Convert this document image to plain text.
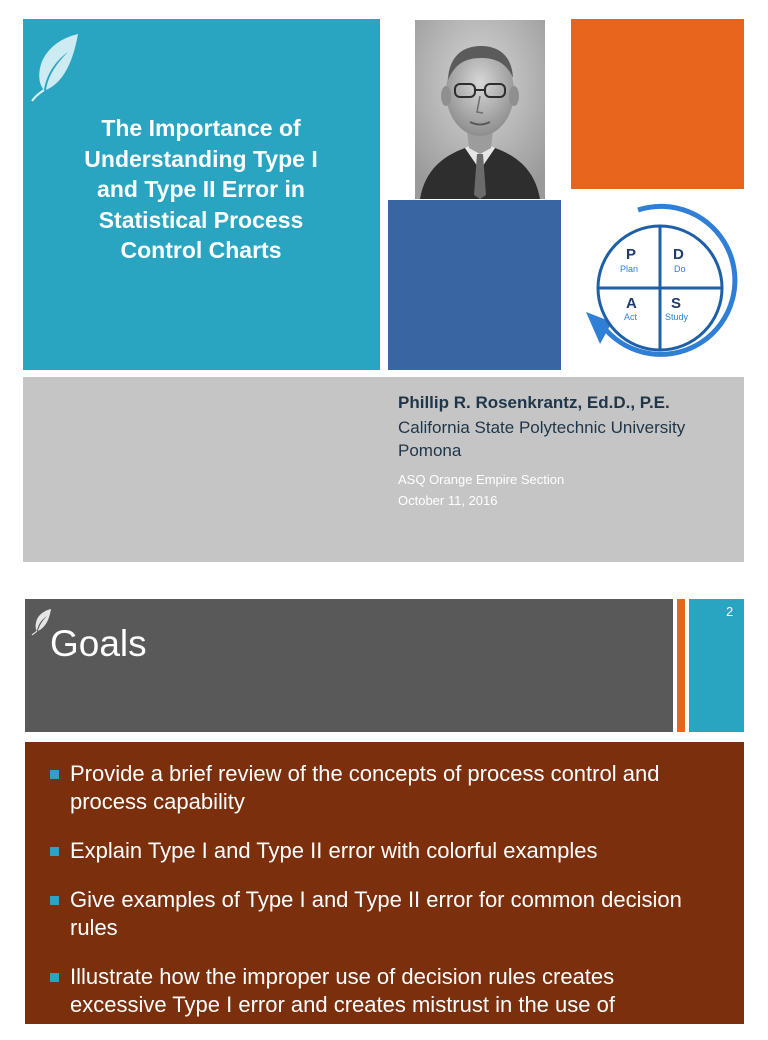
The Importance of
Understanding Type I
and Type II Error in
Statistical Process
Control Charts	P
Plan
D
Do
A
Act
S
Study
Phillip R. Rosenkrantz, Ed.D., P.E.
California State Polytechnic University
Pomona
ASQ Orange Empire Section
October 11, 2016
Goals
2
Provide a brief review of the concepts of process control and process capability
Explain Type I and Type II error with colorful examples
Give examples of Type I and Type II error for common decision rules
Illustrate how the improper use of decision rules creates excessive Type I error and creates mistrust in the use of
